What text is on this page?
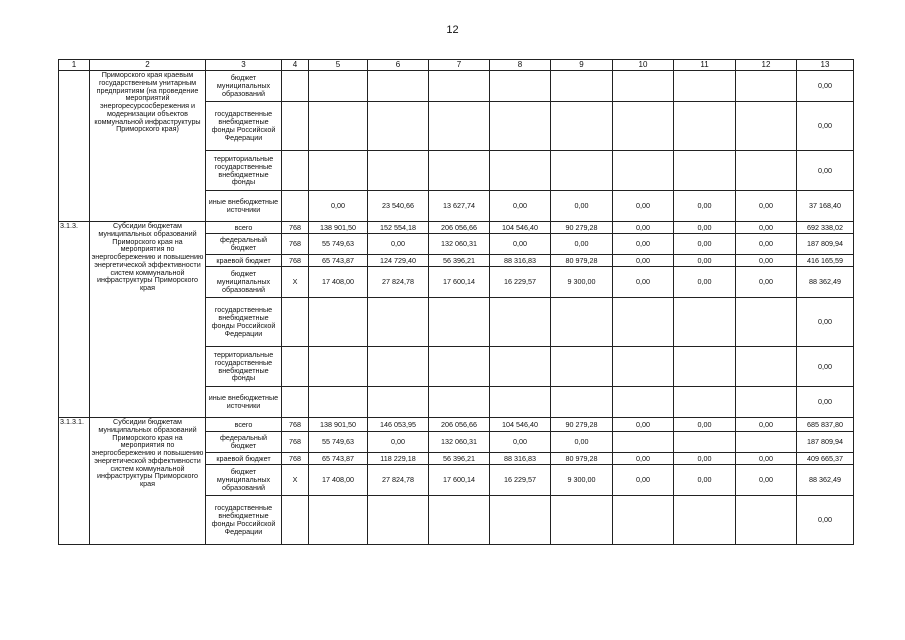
12
1	2	3	4	5	6	7	8	9	10	11	12	13
	Приморского края краевым государственным унитарным предприятиям (на проведение мероприятий энергоресурсосбережения и модернизации объектов коммунальной инфраструктуры Приморского края)	бюджет муниципальных образований										0,00
		государственные внебюджетные фонды Российской Федерации										0,00
		территориальные государственные внебюджетные фонды										0,00
		иные внебюджетные источники		0,00	23 540,66	13 627,74	0,00	0,00	0,00	0,00	0,00	37 168,40
3.1.3.	Субсидии бюджетам муниципальных образований Приморского края на мероприятия по энергосбережению и повышению энергетической эффективности систем коммунальной инфраструктуры Приморского края	всего	768	138 901,50	152 554,18	206 056,66	104 546,40	90 279,28	0,00	0,00	0,00	692 338,02
		федеральный бюджет	768	55 749,63	0,00	132 060,31	0,00	0,00	0,00	0,00	0,00	187 809,94
		краевой бюджет	768	65 743,87	124 729,40	56 396,21	88 316,83	80 979,28	0,00	0,00	0,00	416 165,59
		бюджет муниципальных образований	X	17 408,00	27 824,78	17 600,14	16 229,57	9 300,00	0,00	0,00	0,00	88 362,49
		государственные внебюджетные фонды Российской Федерации										0,00
		территориальные государственные внебюджетные фонды										0,00
		иные внебюджетные источники										0,00
3.1.3.1.	Субсидии бюджетам муниципальных образований Приморского края на мероприятия по энергосбережению и повышению энергетической эффективности систем коммунальной инфраструктуры Приморского края	всего	768	138 901,50	146 053,95	206 056,66	104 546,40	90 279,28	0,00	0,00	0,00	685 837,80
		федеральный бюджет	768	55 749,63	0,00	132 060,31	0,00	0,00				187 809,94
		краевой бюджет	768	65 743,87	118 229,18	56 396,21	88 316,83	80 979,28	0,00	0,00	0,00	409 665,37
		бюджет муниципальных образований	X	17 408,00	27 824,78	17 600,14	16 229,57	9 300,00	0,00	0,00	0,00	88 362,49
		государственные внебюджетные фонды Российской Федерации										0,00
